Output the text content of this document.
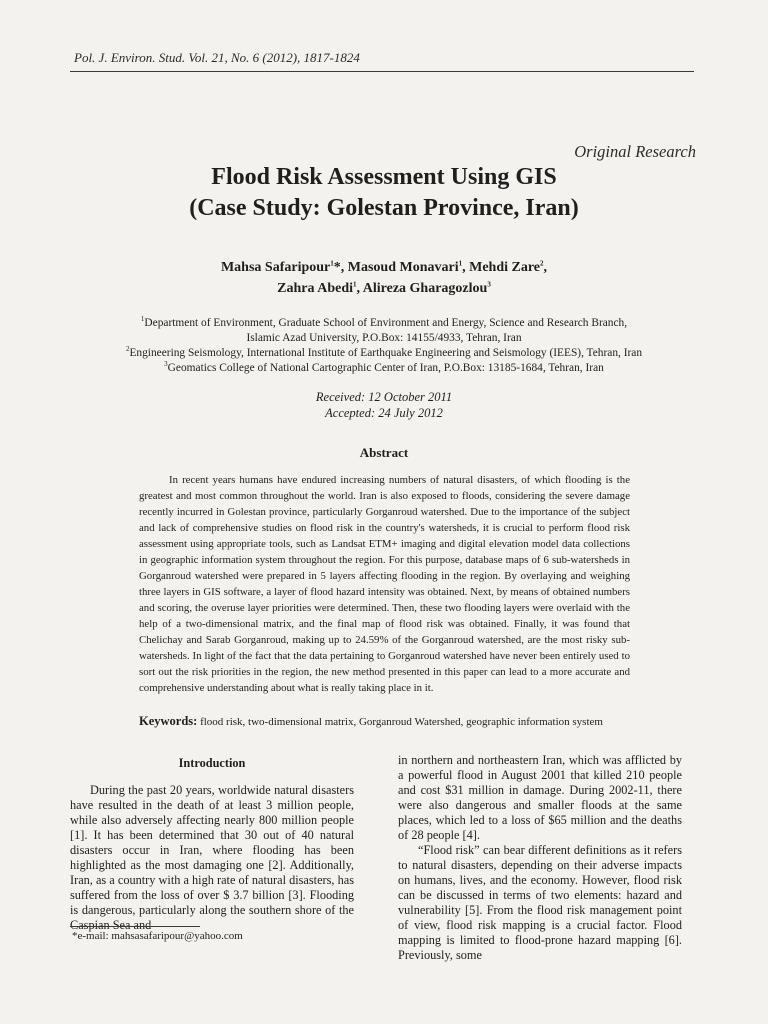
Pol. J. Environ. Stud. Vol. 21, No. 6 (2012), 1817-1824
Original Research
Flood Risk Assessment Using GIS
(Case Study: Golestan Province, Iran)
Mahsa Safaripour$^1$*, Masoud Monavari$^1$, Mehdi Zare$^2$,
Zahra Abedi$^1$, Alireza Gharagozlou$^3$
$^1$Department of Environment, Graduate School of Environment and Energy, Science and Research Branch,
Islamic Azad University, P.O.Box: 14155/4933, Tehran, Iran
$^2$Engineering Seismology, International Institute of Earthquake Engineering and Seismology (IEES), Tehran, Iran
$^3$Geomatics College of National Cartographic Center of Iran, P.O.Box: 13185-1684, Tehran, Iran
Received: 12 October 2011
Accepted: 24 July 2012
Abstract

In recent years humans have endured increasing numbers of natural disasters, of which flooding is the greatest and most common throughout the world. Iran is also exposed to floods, considering the severe damage recently incurred in Golestan province, particularly Gorganroud watershed. Due to the importance of the subject and lack of comprehensive studies on flood risk in the country's watersheds, it is crucial to perform flood risk assessment using appropriate tools, such as Landsat ETM+ imaging and digital elevation model data collections in geographic information system throughout the region. For this purpose, database maps of 6 sub-watersheds in Gorganroud watershed were prepared in 5 layers affecting flooding in the region. By overlaying and weighing three layers in GIS software, a layer of flood hazard intensity was obtained. Next, by means of obtained numbers and scoring, the overuse layer priorities were determined. Then, these two flooding layers were overlaid with the help of a two-dimensional matrix, and the final map of flood risk was obtained. Finally, it was found that Chelichay and Sarab Gorganroud, making up to 24.59% of the Gorganroud watershed, are the most risky sub-watersheds. In light of the fact that the data pertaining to Gorganroud watershed have never been entirely used to sort out the risk priorities in the region, the new method presented in this paper can lead to a more accurate and comprehensive understanding about what is really taking place in it.

Keywords: flood risk, two-dimensional matrix, Gorganroud Watershed, geographic information system
Introduction

During the past 20 years, worldwide natural disasters have resulted in the death of at least 3 million people, while also adversely affecting nearly 800 million people [1]. It has been determined that 30 out of 40 natural disasters occur in Iran, where flooding has been highlighted as the most damaging one [2]. Additionally, Iran, as a country with a high rate of natural disasters, has suffered from the loss of over $ 3.7 billion [3]. Flooding is dangerous, particularly along the southern shore of the Caspian Sea and

in northern and northeastern Iran, which was afflicted by a powerful flood in August 2001 that killed 210 people and cost $31 million in damage. During 2002-11, there were also dangerous and smaller floods at the same places, which led to a loss of $65 million and the deaths of 28 people [4].

“Flood risk” can bear different definitions as it refers to natural disasters, depending on their adverse impacts on humans, lives, and the economy. However, flood risk can be discussed in terms of two elements: hazard and vulnerability [5]. From the flood risk management point of view, flood risk mapping is a crucial factor. Flood mapping is limited to flood-prone hazard mapping [6]. Previously, some

*e-mail: mahsasafaripour@yahoo.com
